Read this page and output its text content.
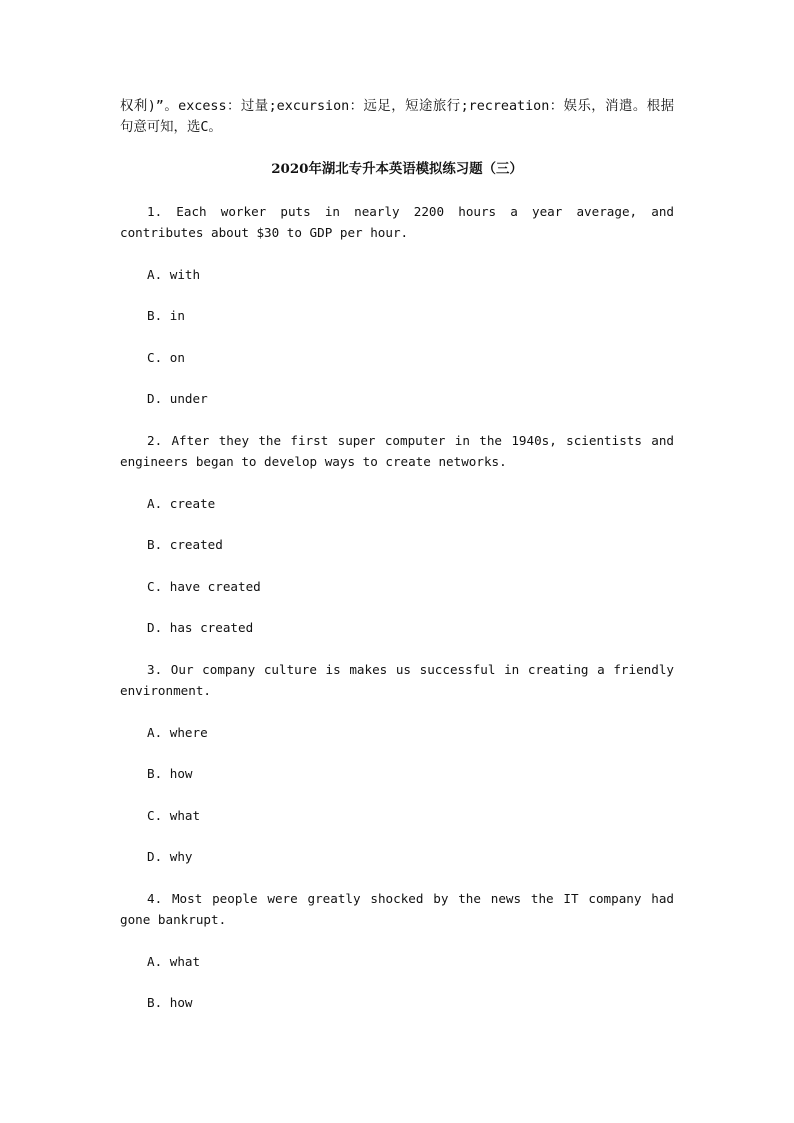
权利)”。excess：过量;excursion：远足，短途旅行;recreation：娱乐，消遣。根据句意可知，选C。

2020年湖北专升本英语模拟练习题（三）

1. Each worker puts in nearly 2200 hours a year average, and contributes about $30 to GDP per hour.

A. with

B. in

C. on

D. under

2. After they the first super computer in the 1940s, scientists and engineers began to develop ways to create networks.

A. create

B. created

C. have created

D. has created

3. Our company culture is makes us successful in creating a friendly environment.

A. where

B. how

C. what

D. why

4. Most people were greatly shocked by the news the IT company had gone bankrupt.

A. what

B. how
